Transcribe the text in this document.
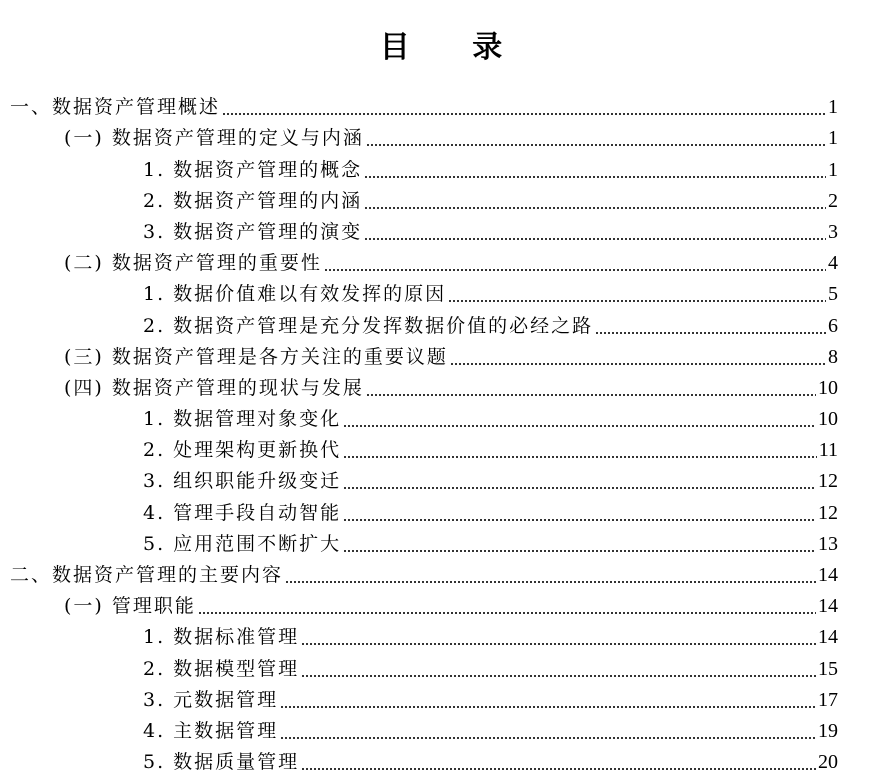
目 录
一、数据资产管理概述	1
(一) 数据资产管理的定义与内涵	1
1. 数据资产管理的概念	1
2. 数据资产管理的内涵	2
3. 数据资产管理的演变	3
(二) 数据资产管理的重要性	4
1. 数据价值难以有效发挥的原因	5
2. 数据资产管理是充分发挥数据价值的必经之路	6
(三) 数据资产管理是各方关注的重要议题	8
(四) 数据资产管理的现状与发展	10
1. 数据管理对象变化	10
2. 处理架构更新换代	11
3. 组织职能升级变迁	12
4. 管理手段自动智能	12
5. 应用范围不断扩大	13
二、数据资产管理的主要内容	14
(一) 管理职能	14
1. 数据标准管理	14
2. 数据模型管理	15
3. 元数据管理	17
4. 主数据管理	19
5. 数据质量管理	20
